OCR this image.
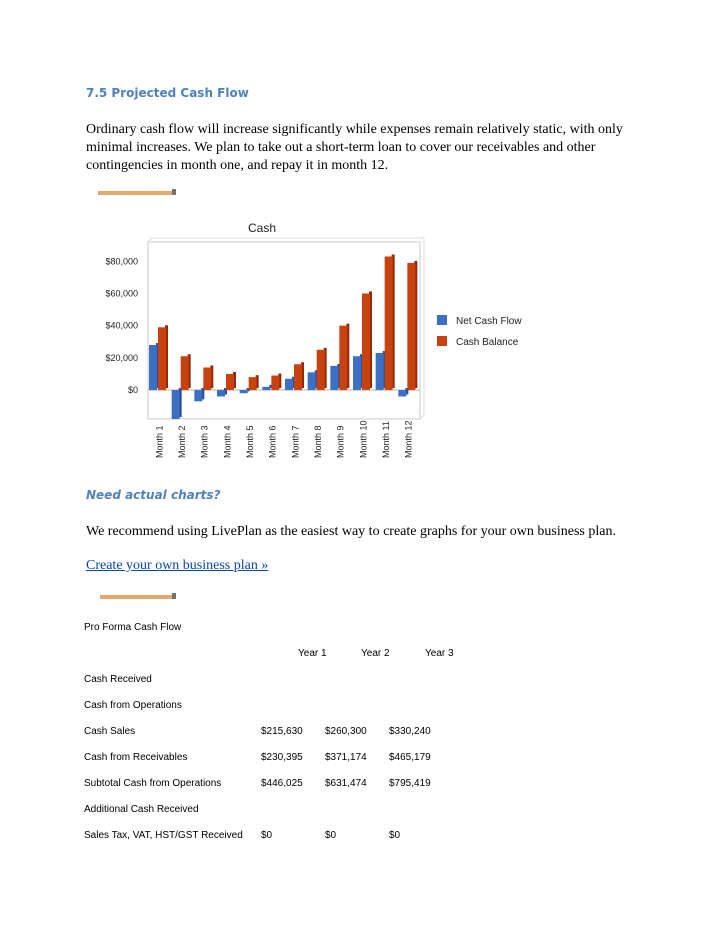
7.5 Projected Cash Flow
Ordinary cash flow will increase significantly while expenses remain relatively static, with only minimal increases. We plan to take out a short-term loan to cover our receivables and other contingencies in month one, and repay it in month 12.
$80,000
$60,000
$40,000
$20,000
$0
Month 1 Month 2 Month 3 Month 4 Month 5 Month 6 Month 7 Month 8 Month 9 Month 10 Month 11 Month 12
Net Cash Flow
Cash Balance
Cash
Need actual charts?
We recommend using LivePlan as the easiest way to create graphs for your own business plan.
Create your own business plan »
Pro Forma Cash Flow
Year 1	Year 2	Year 3
Cash Received
Cash from Operations
Cash Sales	$215,630 $260,300 $330,240
Cash from Receivables	$230,395 $371,174 $465,179
Subtotal Cash from Operations	$446,025 $631,474 $795,419
Additional Cash Received
Sales Tax, VAT, HST/GST Received $0	$0	$0
